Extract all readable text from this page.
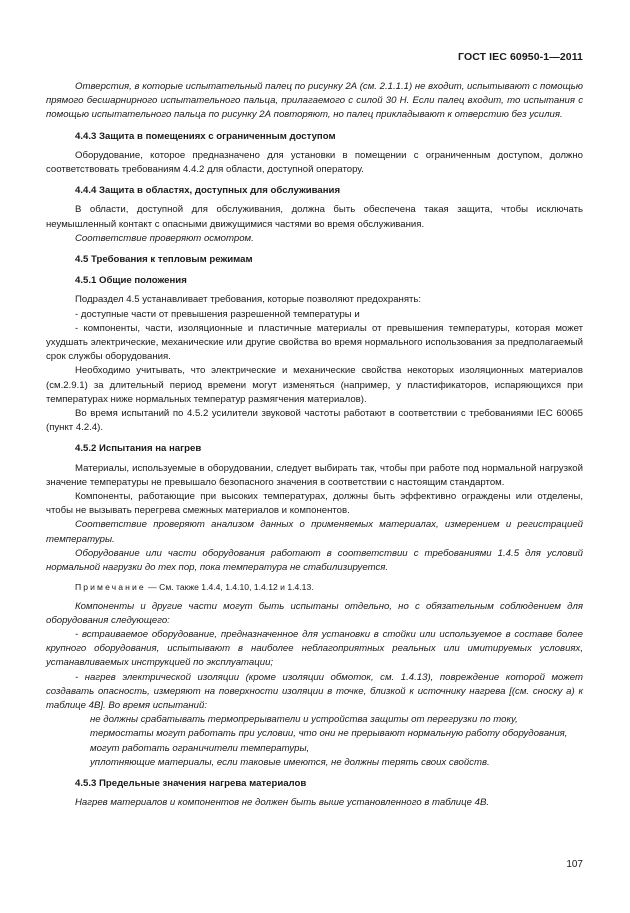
ГОСТ IEC 60950-1—2011

Отверстия, в которые испытательный палец по рисунку 2А (см. 2.1.1.1) не входит, испытывают с помощью прямого бесшарнирного испытательного пальца, прилагаемого с силой 30 Н. Если палец входит, то испытания с помощью испытательного пальца по рисунку 2А повторяют, но палец прикладывают к отверстию без усилия.

4.4.3 Защита в помещениях с ограниченным доступом

Оборудование, которое предназначено для установки в помещении с ограниченным доступом, должно соответствовать требованиям 4.4.2 для области, доступной оператору.

4.4.4 Защита в областях, доступных для обслуживания

В области, доступной для обслуживания, должна быть обеспечена такая защита, чтобы исключать неумышленный контакт с опасными движущимися частями во время обслуживания.

Соответствие проверяют осмотром.

4.5 Требования к тепловым режимам

4.5.1 Общие положения

Подраздел 4.5 устанавливает требования, которые позволяют предохранять:

- доступные части от превышения разрешенной температуры и

- компоненты, части, изоляционные и пластичные материалы от превышения температуры, которая может ухудшать электрические, механические или другие свойства во время нормального использования за предполагаемый срок службы оборудования.

Необходимо учитывать, что электрические и механические свойства некоторых изоляционных материалов (см.2.9.1) за длительный период времени могут изменяться (например, у пластификаторов, испаряющихся при температурах ниже нормальных температур размягчения материалов).

Во время испытаний по 4.5.2 усилители звуковой частоты работают в соответствии с требованиями IEC 60065 (пункт 4.2.4).

4.5.2 Испытания на нагрев

Материалы, используемые в оборудовании, следует выбирать так, чтобы при работе под нормальной нагрузкой значение температуры не превышало безопасного значения в соответствии с настоящим стандартом.

Компоненты, работающие при высоких температурах, должны быть эффективно ограждены или отделены, чтобы не вызывать перегрева смежных материалов и компонентов.

Соответствие проверяют анализом данных о применяемых материалах, измерением и регистрацией температуры.

Оборудование или части оборудования работают в соответствии с требованиями 1.4.5 для условий нормальной нагрузки до тех пор, пока температура не стабилизируется.

Примечание — См. также 1.4.4, 1.4.10, 1.4.12 и 1.4.13.

Компоненты и другие части могут быть испытаны отдельно, но с обязательным соблюдением для оборудования следующего:

- встраиваемое оборудование, предназначенное для установки в стойки или используемое в составе более крупного оборудования, испытывают в наиболее неблагоприятных реальных или имитируемых условиях, устанавливаемых инструкцией по эксплуатации;

- нагрев электрической изоляции (кроме изоляции обмоток, см. 1.4.13), повреждение которой может создавать опасность, измеряют на поверхности изоляции в точке, близкой к источнику нагрева [(см. сноску а) к таблице 4В]. Во время испытаний:

не должны срабатывать термопрерыватели и устройства защиты от перегрузки по току,

термостаты могут работать при условии, что они не прерывают нормальную работу оборудования,

могут работать ограничители температуры,

уплотняющие материалы, если таковые имеются, не должны терять своих свойств.

4.5.3 Предельные значения нагрева материалов

Нагрев материалов и компонентов не должен быть выше установленного в таблице 4В.

107
